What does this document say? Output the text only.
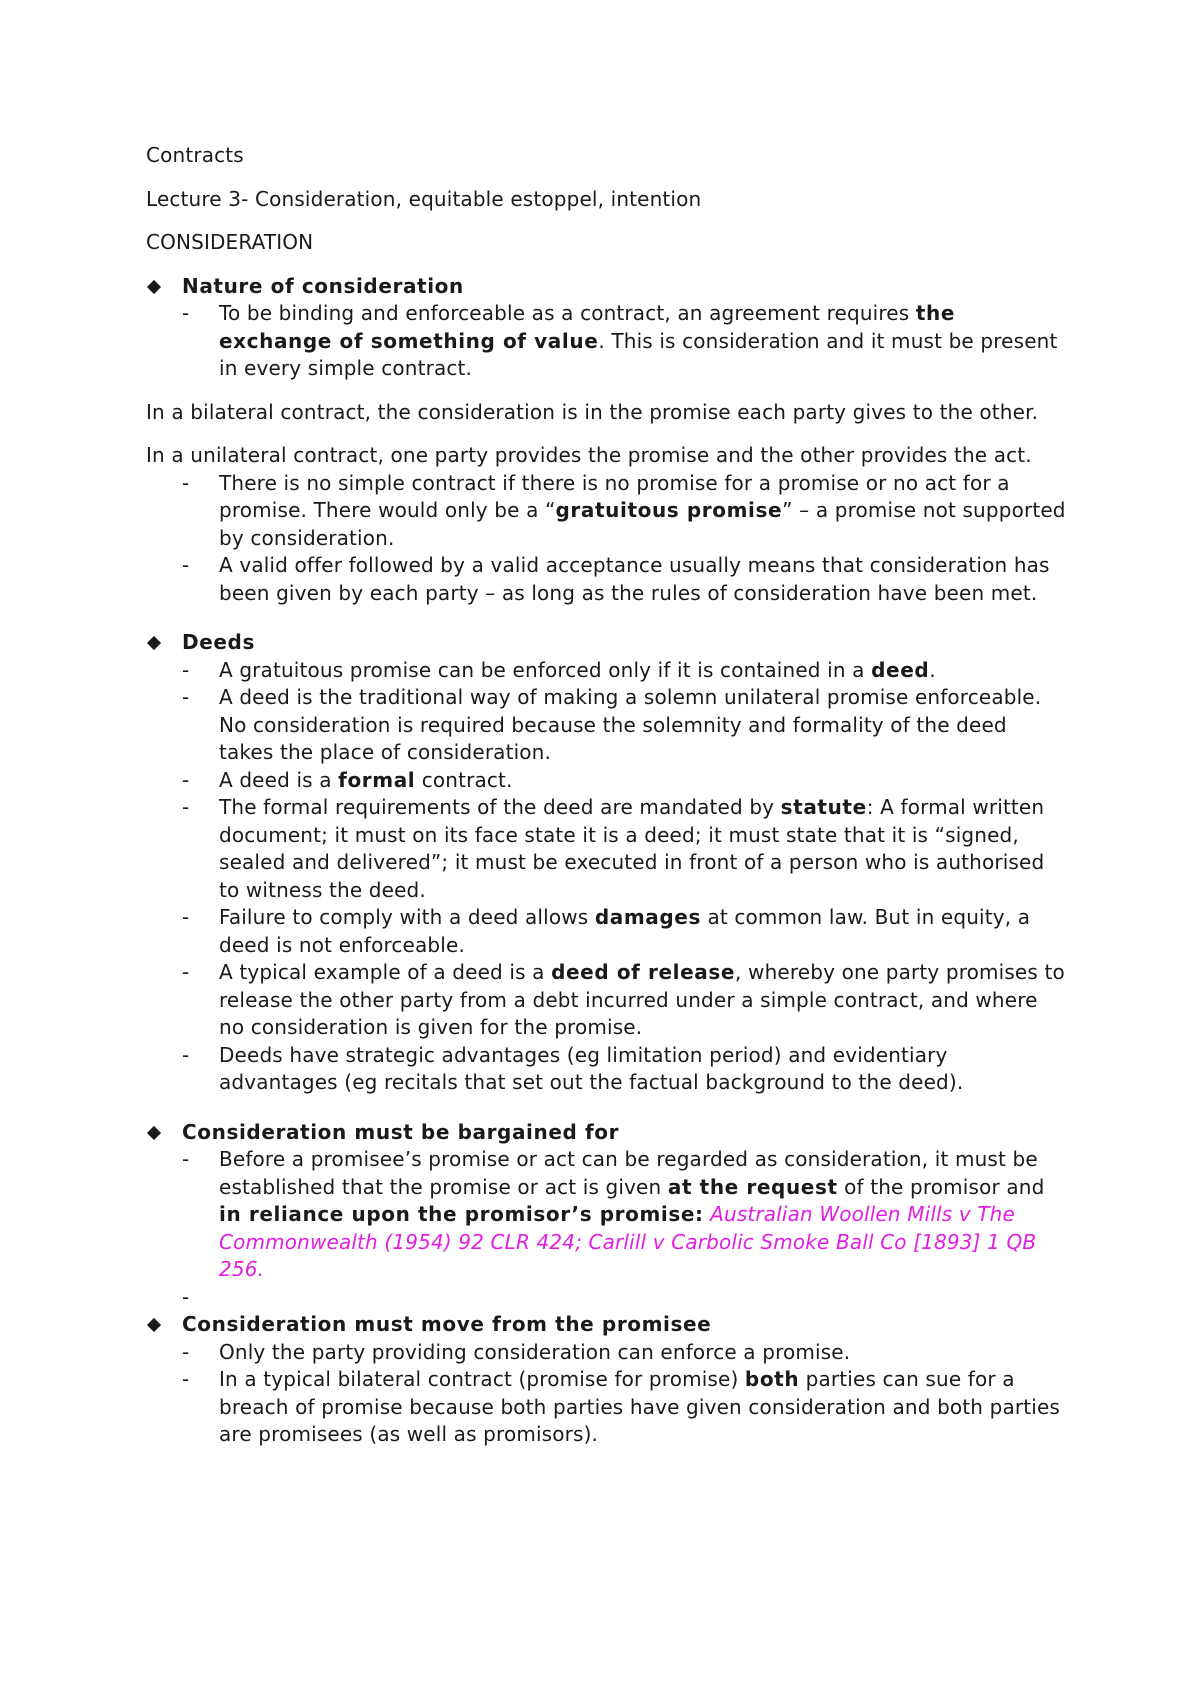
Contracts

Lecture 3- Consideration, equitable estoppel, intention

CONSIDERATION

Nature of consideration
- To be binding and enforceable as a contract, an agreement requires the exchange of something of value. This is consideration and it must be present in every simple contract.

In a bilateral contract, the consideration is in the promise each party gives to the other.

In a unilateral contract, one party provides the promise and the other provides the act.

- There is no simple contract if there is no promise for a promise or no act for a promise. There would only be a “gratuitous promise” – a promise not supported by consideration.
- A valid offer followed by a valid acceptance usually means that consideration has been given by each party – as long as the rules of consideration have been met.
Deeds
- A gratuitous promise can be enforced only if it is contained in a deed.
- A deed is the traditional way of making a solemn unilateral promise enforceable. No consideration is required because the solemnity and formality of the deed takes the place of consideration.
- A deed is a formal contract.
- The formal requirements of the deed are mandated by statute: A formal written document; it must on its face state it is a deed; it must state that it is “signed, sealed and delivered”; it must be executed in front of a person who is authorised to witness the deed.
- Failure to comply with a deed allows damages at common law. But in equity, a deed is not enforceable.
- A typical example of a deed is a deed of release, whereby one party promises to release the other party from a debt incurred under a simple contract, and where no consideration is given for the promise.
- Deeds have strategic advantages (eg limitation period) and evidentiary advantages (eg recitals that set out the factual background to the deed).
Consideration must be bargained for
- Before a promisee’s promise or act can be regarded as consideration, it must be established that the promise or act is given at the request of the promisor and in reliance upon the promisor’s promise: Australian Woollen Mills v The Commonwealth (1954) 92 CLR 424; Carlill v Carbolic Smoke Ball Co [1893] 1 QB 256.

-

Consideration must move from the promisee
- Only the party providing consideration can enforce a promise.
- In a typical bilateral contract (promise for promise) both parties can sue for a breach of promise because both parties have given consideration and both parties are promisees (as well as promisors).
